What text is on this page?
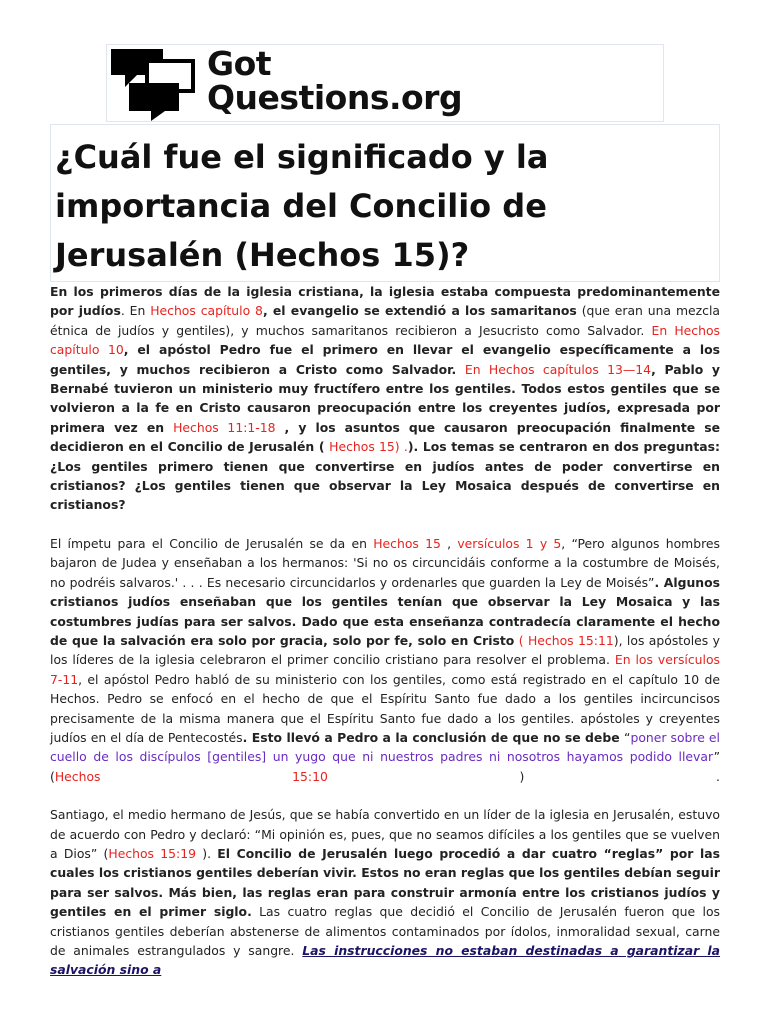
Got
Questions.org
¿Cuál fue el significado y la importancia del Concilio de Jerusalén (Hechos 15)?

En los primeros días de la iglesia cristiana, la iglesia estaba compuesta predominantemente por judíos. En Hechos capítulo 8, el evangelio se extendió a los samaritanos (que eran una mezcla étnica de judíos y gentiles), y muchos samaritanos recibieron a Jesucristo como Salvador. En Hechos capítulo 10, el apóstol Pedro fue el primero en llevar el evangelio específicamente a los gentiles, y muchos recibieron a Cristo como Salvador. En Hechos capítulos 13—14, Pablo y Bernabé tuvieron un ministerio muy fructífero entre los gentiles. Todos estos gentiles que se volvieron a la fe en Cristo causaron preocupación entre los creyentes judíos, expresada por primera vez en Hechos 11:1-18 , y los asuntos que causaron preocupación finalmente se decidieron en el Concilio de Jerusalén ( Hechos 15) .). Los temas se centraron en dos preguntas: ¿Los gentiles primero tienen que convertirse en judíos antes de poder convertirse en cristianos? ¿Los gentiles tienen que observar la Ley Mosaica después de convertirse en cristianos?

El ímpetu para el Concilio de Jerusalén se da en Hechos 15 , versículos 1 y 5, “Pero algunos hombres bajaron de Judea y enseñaban a los hermanos: 'Si no os circuncidáis conforme a la costumbre de Moisés, no podréis salvaros.' . . . Es necesario circuncidarlos y ordenarles que guarden la Ley de Moisés”. Algunos cristianos judíos enseñaban que los gentiles tenían que observar la Ley Mosaica y las costumbres judías para ser salvos. Dado que esta enseñanza contradecía claramente el hecho de que la salvación era solo por gracia, solo por fe, solo en Cristo ( Hechos 15:11), los apóstoles y los líderes de la iglesia celebraron el primer concilio cristiano para resolver el problema. En los versículos 7-11, el apóstol Pedro habló de su ministerio con los gentiles, como está registrado en el capítulo 10 de Hechos. Pedro se enfocó en el hecho de que el Espíritu Santo fue dado a los gentiles incircuncisos precisamente de la misma manera que el Espíritu Santo fue dado a los gentiles. apóstoles y creyentes judíos en el día de Pentecostés. Esto llevó a Pedro a la conclusión de que no se debe “poner sobre el cuello de los discípulos [gentiles] un yugo que ni nuestros padres ni nosotros hayamos podido llevar” (Hechos 15:10 ) .

Santiago, el medio hermano de Jesús, que se había convertido en un líder de la iglesia en Jerusalén, estuvo de acuerdo con Pedro y declaró: “Mi opinión es, pues, que no seamos difíciles a los gentiles que se vuelven a Dios” (Hechos 15:19 ). El Concilio de Jerusalén luego procedió a dar cuatro “reglas” por las cuales los cristianos gentiles deberían vivir. Estos no eran reglas que los gentiles debían seguir para ser salvos. Más bien, las reglas eran para construir armonía entre los cristianos judíos y gentiles en el primer siglo. Las cuatro reglas que decidió el Concilio de Jerusalén fueron que los cristianos gentiles deberían abstenerse de alimentos contaminados por ídolos, inmoralidad sexual, carne de animales estrangulados y sangre. Las instrucciones no estaban destinadas a garantizar la salvación sino a
